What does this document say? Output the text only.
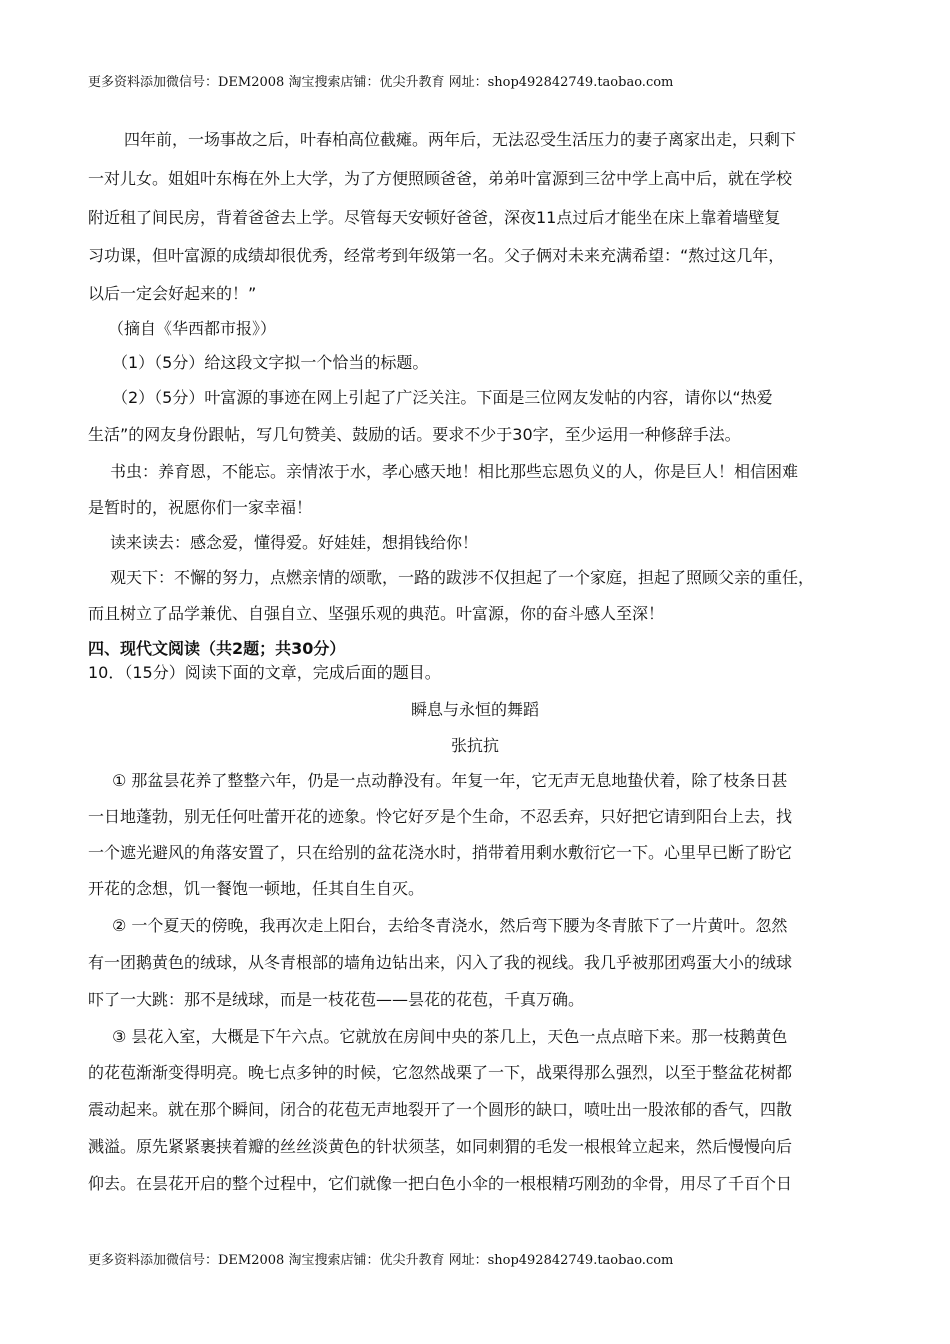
更多资料添加微信号：DEM2008 淘宝搜索店铺：优尖升教育 网址：shop492842749.taobao.com
四年前，一场事故之后，叶春柏高位截瘫。两年后，无法忍受生活压力的妻子离家出走，只剩下
一对儿女。姐姐叶东梅在外上大学，为了方便照顾爸爸，弟弟叶富源到三岔中学上高中后，就在学校
附近租了间民房，背着爸爸去上学。尽管每天安顿好爸爸，深夜11点过后才能坐在床上靠着墙壁复
习功课，但叶富源的成绩却很优秀，经常考到年级第一名。父子俩对未来充满希望：“熬过这几年，
以后一定会好起来的！”
（摘自《华西都市报》）
（1）（5分）给这段文字拟一个恰当的标题。
（2）（5分）叶富源的事迹在网上引起了广泛关注。下面是三位网友发帖的内容，请你以“热爱
生活”的网友身份跟帖，写几句赞美、鼓励的话。要求不少于30字，至少运用一种修辞手法。
书虫：养育恩，不能忘。亲情浓于水，孝心感天地！相比那些忘恩负义的人，你是巨人！相信困难
是暂时的，祝愿你们一家幸福！
读来读去：感念爱，懂得爱。好娃娃，想捐钱给你！
观天下：不懈的努力，点燃亲情的颂歌，一路的跋涉不仅担起了一个家庭，担起了照顾父亲的重任，
而且树立了品学兼优、自强自立、坚强乐观的典范。叶富源，你的奋斗感人至深！
四、现代文阅读（共2题；共30分）
10．（15分）阅读下面的文章，完成后面的题目。
瞬息与永恒的舞蹈
张抗抗
① 那盆昙花养了整整六年，仍是一点动静没有。年复一年，它无声无息地蛰伏着，除了枝条日甚
一日地蓬勃，别无任何吐蕾开花的迹象。怜它好歹是个生命，不忍丢弃，只好把它请到阳台上去，找
一个遮光避风的角落安置了，只在给别的盆花浇水时，捎带着用剩水敷衍它一下。心里早已断了盼它
开花的念想，饥一餐饱一顿地，任其自生自灭。
② 一个夏天的傍晚，我再次走上阳台，去给冬青浇水，然后弯下腰为冬青脓下了一片黄叶。忽然
有一团鹅黄色的绒球，从冬青根部的墙角边钻出来，闪入了我的视线。我几乎被那团鸡蛋大小的绒球
吓了一大跳：那不是绒球，而是一枝花苞——昙花的花苞，千真万确。
③ 昙花入室，大概是下午六点。它就放在房间中央的茶几上，天色一点点暗下来。那一枝鹅黄色
的花苞渐渐变得明亮。晚七点多钟的时候，它忽然战栗了一下，战栗得那么强烈，以至于整盆花树都
震动起来。就在那个瞬间，闭合的花苞无声地裂开了一个圆形的缺口，喷吐出一股浓郁的香气，四散
溅溢。原先紧紧裹挟着瓣的丝丝淡黄色的针状须茎，如同刺猬的毛发一根根耸立起来，然后慢慢向后
仰去。在昙花开启的整个过程中，它们就像一把白色小伞的一根根精巧刚劲的伞骨，用尽了千百个日
更多资料添加微信号：DEM2008 淘宝搜索店铺：优尖升教育 网址：shop492842749.taobao.com
